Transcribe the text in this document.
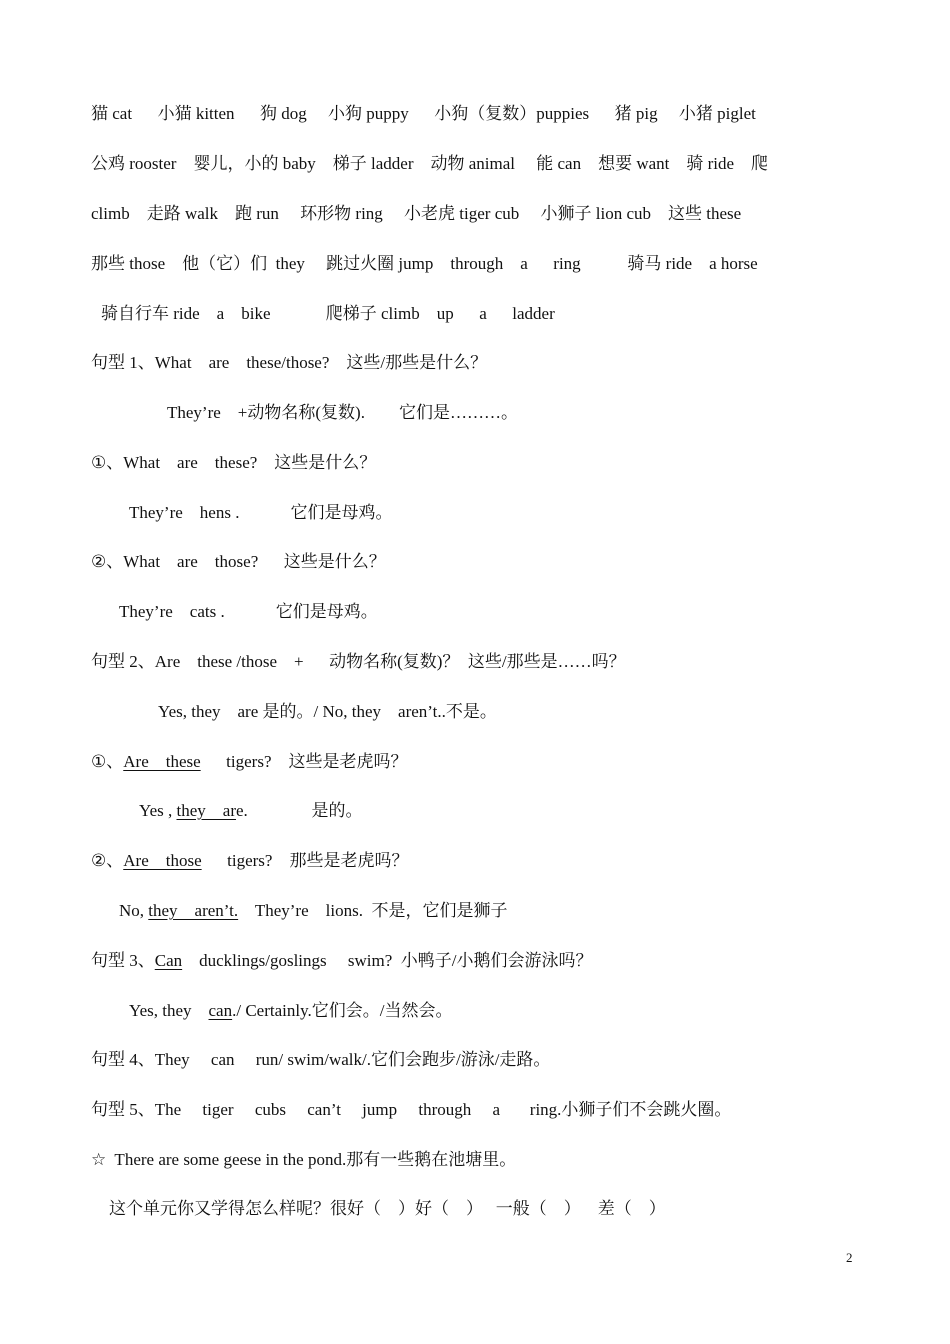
猫 cat      小猫 kitten      狗 dog     小狗 puppy      小狗（复数）puppies      猪 pig     小猪 piglet
公鸡 rooster    婴儿，小的 baby    梯子 ladder    动物 animal     能 can    想要 want    骑 ride    爬
climb    走路 walk    跑 run     环形物 ring     小老虎 tiger cub     小狮子 lion cub    这些 these
那些 those    他（它）们  they     跳过火圈 jump    through    a      ring           骑马 ride    a horse
骑自行车 ride    a    bike             爬梯子 climb    up      a      ladder
句型 1、What    are    these/those?    这些/那些是什么？
They’re    +动物名称(复数).        它们是………。
①、What    are    these?    这些是什么？
They’re    hens .            它们是母鸡。
②、What    are    those?      这些是什么？
They’re    cats .            它们是母鸡。
句型 2、Are    these /those    +      动物名称(复数)？  这些/那些是……吗？
Yes, they    are 是的。/ No, they    aren’t..不是。
①、Are    these      tigers?    这些是老虎吗？
Yes , they    are.               是的。
②、Are    those      tigers?    那些是老虎吗？
No, they    aren’t.    They’re    lions.  不是，它们是狮子
句型 3、Can    ducklings/goslings     swim?  小鸭子/小鹅们会游泳吗？
Yes, they    can./ Certainly.它们会。/当然会。
句型 4、They     can     run/ swim/walk/.它们会跑步/游泳/走路。
句型 5、The     tiger     cubs     can’t     jump     through     a       ring.小狮子们不会跳火圈。
☆  There are some geese in the pond.那有一些鹅在池塘里。
这个单元你又学得怎么样呢？很好（    ）好（    ）   一般（    ）    差（    ）
2
